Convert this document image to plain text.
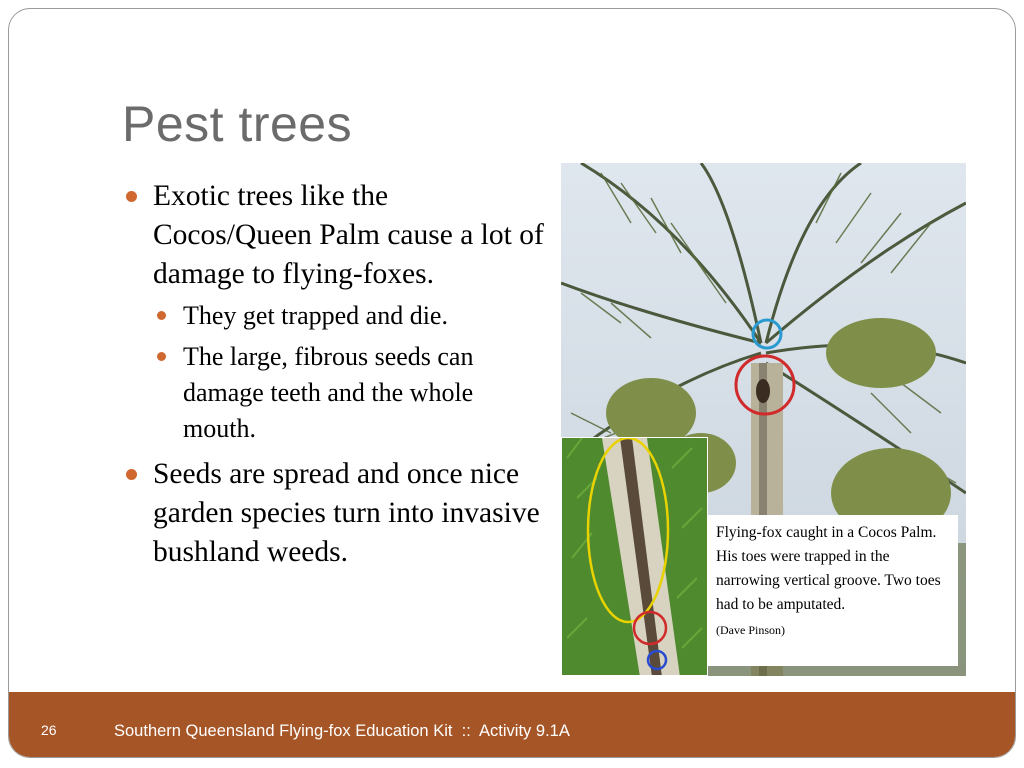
Pest trees
Exotic trees like the Cocos/Queen Palm cause a lot of damage to flying-foxes.
They get trapped and die.
The large, fibrous seeds can damage teeth and the whole mouth.
Seeds are spread and once nice garden species turn into invasive bushland weeds.
Flying-fox caught in a Cocos Palm. His toes were trapped in the narrowing vertical groove. Two toes had to be amputated.
(Dave Pinson)
26	Southern Queensland Flying-fox Education Kit  ::  Activity 9.1A
